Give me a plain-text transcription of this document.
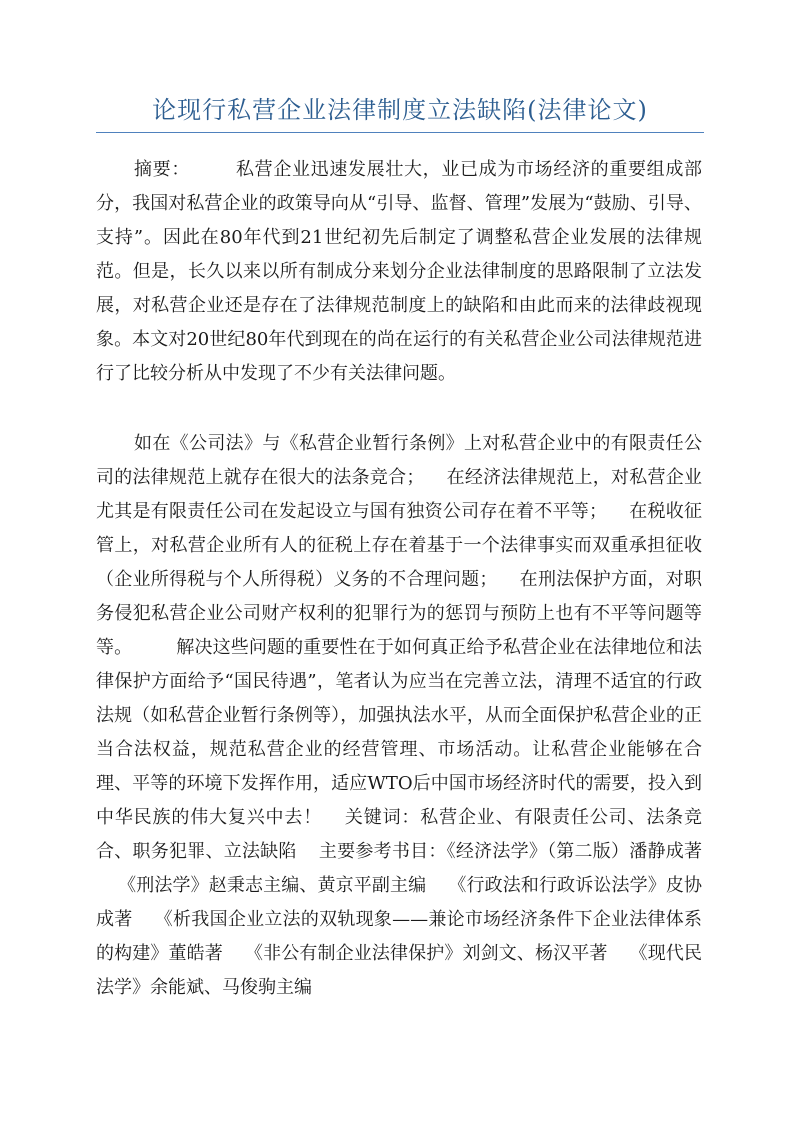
论现行私营企业法律制度立法缺陷(法律论文)

摘要：	私营企业迅速发展壮大，业已成为市场经济的重要组成部分，我国对私营企业的政策导向从“引导、监督、管理”发展为“鼓励、引导、支持”。因此在80年代到21世纪初先后制定了调整私营企业发展的法律规范。但是，长久以来以所有制成分来划分企业法律制度的思路限制了立法发展，对私营企业还是存在了法律规范制度上的缺陷和由此而来的法律歧视现象。本文对20世纪80年代到现在的尚在运行的有关私营企业公司法律规范进行了比较分析从中发现了不少有关法律问题。

如在《公司法》与《私营企业暂行条例》上对私营企业中的有限责任公司的法律规范上就存在很大的法条竞合； 在经济法律规范上，对私营企业尤其是有限责任公司在发起设立与国有独资公司存在着不平等； 在税收征管上，对私营企业所有人的征税上存在着基于一个法律事实而双重承担征收（企业所得税与个人所得税）义务的不合理问题； 在刑法保护方面，对职务侵犯私营企业公司财产权利的犯罪行为的惩罚与预防上也有不平等问题等等。 解决这些问题的重要性在于如何真正给予私营企业在法律地位和法律保护方面给予“国民待遇”，笔者认为应当在完善立法，清理不适宜的行政法规（如私营企业暂行条例等），加强执法水平，从而全面保护私营企业的正当合法权益，规范私营企业的经营管理、市场活动。让私营企业能够在合理、平等的环境下发挥作用，适应WTO后中国市场经济时代的需要，投入到中华民族的伟大复兴中去！ 关键词：私营企业、有限责任公司、法条竞合、职务犯罪、立法缺陷 主要参考书目：《经济法学》（第二版）潘静成著《刑法学》赵秉志主编、黄京平副主编 《行政法和行政诉讼法学》皮协成著 《析我国企业立法的双轨现象——兼论市场经济条件下企业法律体系的构建》董皓著 《非公有制企业法律保护》刘剑文、杨汉平著 《现代民法学》余能斌、马俊驹主编
